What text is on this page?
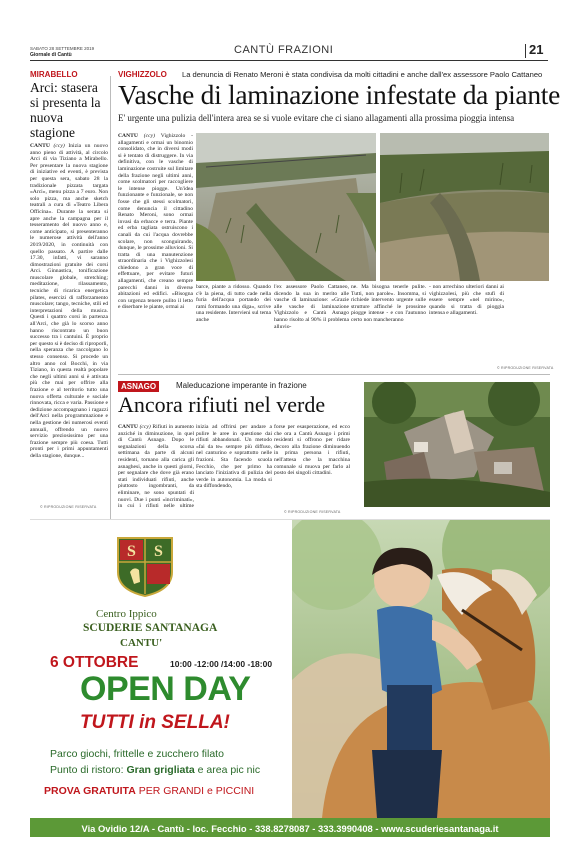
SABATO 28 SETTEMBRE 2019
Giornale di Cantù	CANTÙ FRAZIONI	21
MIRABELLO
Arci: stasera si presenta la nuova stagione
CANTÙ (ccy) Inizia un nuovo anno pieno di attività, al circolo Arci di via Tiziano a Mirabello. Per presentare la nuova stagione di iniziative ed eventi, è prevista per questa sera, sabato 28 la tradizionale pizzata targata «Arci», menu pizza a 7 euro. Non solo pizza, ma anche sketch teatrali a cura di «Teatro Libera Officina». Durante la serata si apre anche la campagna per il tesseramento del nuovo anno e, come anticipato, si presenteranno le numerose attività dell'anno 2019/2020, in continuità con quello passato. A partire dalle 17.30, infatti, vi saranno dimostrazioni gratuite dei corsi Arci. Ginnastica, tonificazione muscolare globale, stretching; meditazione, rilassamento, tecniche di ricarica energetica pilates, esercizi di rafforzamento muscolare; tango, tecniche, stili ed interpretazioni della musica. Questi i quattro corsi in partenza all'Arci, che già lo scorso anno hanno riscontrato un buon successo tra i cantuini. È proprio per questo si è deciso di riproporli, nella speranza che raccolgano lo stesso consenso. Si procede un altro anno col Bocchi, in via Tiziano, in questa realtà popolare che negli ultimi anni si è attivata più che mai per offrire alla frazione e al territorio tutto una nuova offerta culturale e sociale rinnovata, ricca e varia. Passione e dedizione accompagnano i ragazzi dell'Arci nella programmazione e nella gestione dei numerosi eventi annuali, offrendo un nuovo servizio preziosissimo per una frazione sempre più coesa. Tutti pronti per i primi appuntamenti della stagione, dunque...
© RIPRODUZIONE RISERVATA
VIGHIZZOLO La denuncia di Renato Meroni è stata condivisa da molti cittadini e anche dall'ex assessore Paolo Cattaneo
Vasche di laminazione infestate da piante
E' urgente una pulizia dell'intera area se si vuole evitare che ci siano allagamenti alla prossima pioggia intensa
CANTÙ (ccy) Vighizzolo - allagamenti e ormai un binomio consolidato, che in diversi modi si è tentato di distruggere. In via definitiva, con le vasche di laminazione costruite sul limitare della frazione negli ultimi anni, come scolmatori per raccogliere le intense piogge. Un'idea funzionante e funzionale, se non fosse che gli stessi scolmatori, come denuncia il cittadino Renato Meroni, sono ormai invasi da erbacce e terra. Piante ed erba tagliata ostruiscono i canali da cui l'acqua dovrebbe scolare, non sconguirando, dunque, le prossime alluvioni. Si tratta di una manutenzione straordinaria che i Vighizzolesi chiedono a gran voce di effettuare, per evitare futuri allagamenti, che creano sempre parecchi danni in diverse abitazioni ed edifici. «Bisogna con urgenza tenere pulito il letto e diserbare le piante, ormai ai
barce, piante a ridosso. Quando c'è la piena, di tutto cade nella furia dell'acqua portando dei rami formando una diga», scrive una residente. Intervieni sul tema anche
l'ex assessore Paolo Cattaneo, dicendo la sua in merito alle vasche di laminazione: «Grazie alle vasche di laminazione Vighizzolo e Cantù Asnago hanno risolto al 90% il problema alluvio-
ne. Ma bisogna tenerle pulite. Tutti, non parole». Insomma, si richiede intervento urgente sulle strutture affinché le prossime piogge intense - e con l'autunno certo non mancheranno
- non arrechino ulteriori danni ai vighizzolesi, più che stufi di essere sempre «nel mirino», quando si tratta di pioggia intensa e allagamenti.
© RIPRODUZIONE RISERVATA
ASNAGO	Maleducazione imperante in frazione
Ancora rifiuti nel verde
CANTÙ (ccy) Rifiuti in aumento anziché in diminuzione, in quel di Cantù Asnago. Dopo le segnalazioni della scorsa settimana da parte di alcuni residenti, tornano alla carica gli asnaghesi, anche in questi giorni, per segnalare che dove già erano stati individuati rifiuti, anche piuttosto ingombranti, da eliminare, ne sono spuntati di nuovi. Due i punti «incriminati», in cui i rifiuti nelle ultime
inizia ad offrirsi per andare a pulire le aree in questione dai rifiuti abbandonati. Un metodo «fai da te» sempre più diffuso, nel canturino e soprattutto nelle frazioni. Sta facendo scuola Fecchio, che per primo ha lanciato l'iniziativa di pulizia del verde in autonomia. La moda si sta diffondendo,
forse per esasperazione, ed ecco che ora a Cantù Asnago i primi residenti si offrono per ridare decoro alla frazione diminuendo in prima persona i rifiuti, nell'attesa che la macchina comunale si muova per farlo al posto dei singoli cittadini.
© RIPRODUZIONE RISERVATA
S S
Centro Ippico
SCUDERIE SANTANAGA
CANTU'
6 OTTOBRE	10:00 -12:00 /14:00 -18:00
OPEN DAY
TUTTI in SELLA!
Parco giochi, frittelle e zucchero filato
Punto di ristoro: Gran grigliata e area pic nic
PROVA GRATUITA PER GRANDI e PICCINI
Via Ovidio 12/A - Cantù - loc. Fecchio - 338.8278087 - 333.3990408 - www.scuderiesantanaga.it
